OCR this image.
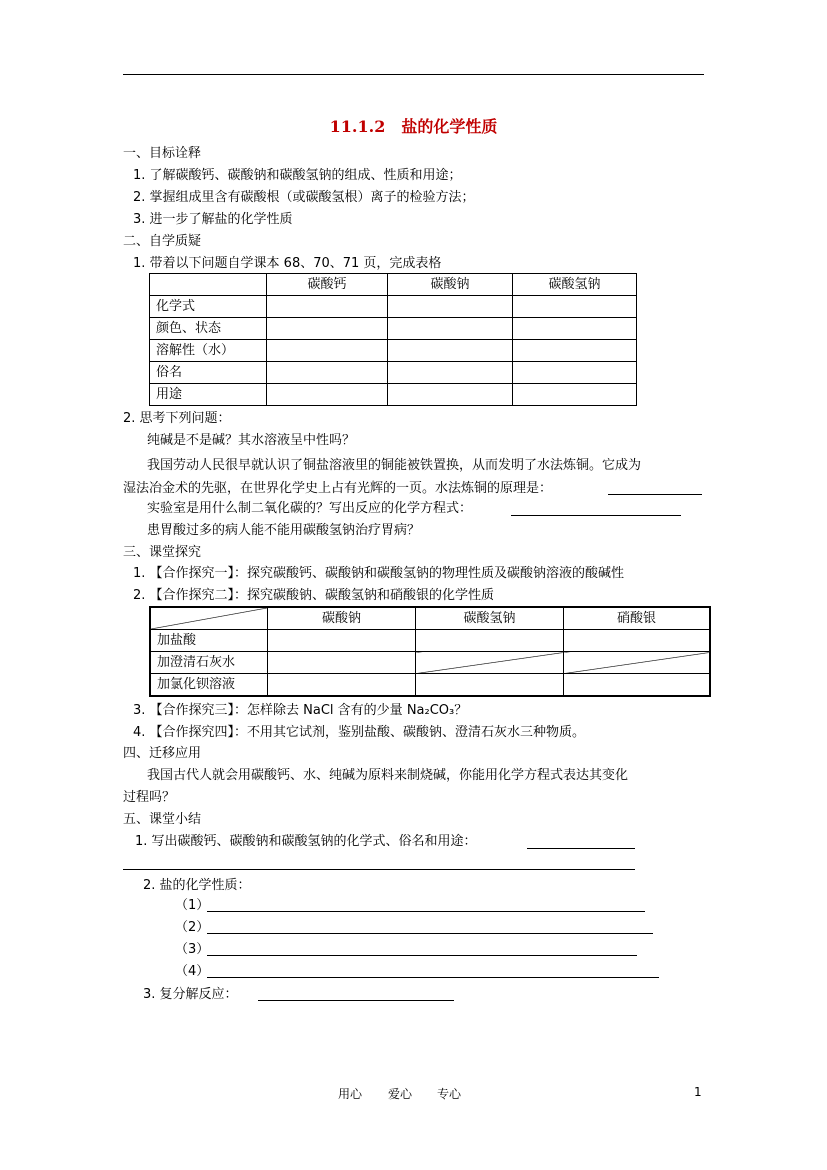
11.1.2　盐的化学性质
一、目标诠释
1. 了解碳酸钙、碳酸钠和碳酸氢钠的组成、性质和用途；
2. 掌握组成里含有碳酸根（或碳酸氢根）离子的检验方法；
3. 进一步了解盐的化学性质
二、自学质疑
1. 带着以下问题自学课本 68、70、71 页，完成表格
	碳酸钙	碳酸钠	碳酸氢钠
化学式			
颜色、状态			
溶解性（水）			
俗名			
用途			
2. 思考下列问题：
纯碱是不是碱？其水溶液呈中性吗？
我国劳动人民很早就认识了铜盐溶液里的铜能被铁置换，从而发明了水法炼铜。它成为
湿法冶金术的先驱，在世界化学史上占有光辉的一页。水法炼铜的原理是：
实验室是用什么制二氧化碳的？写出反应的化学方程式：
患胃酸过多的病人能不能用碳酸氢钠治疗胃病？
三、课堂探究
1. 【合作探究一】：探究碳酸钙、碳酸钠和碳酸氢钠的物理性质及碳酸钠溶液的酸碱性
2. 【合作探究二】：探究碳酸钠、碳酸氢钠和硝酸银的化学性质
	碳酸钠	碳酸氢钠	硝酸银
加盐酸			
加澄清石灰水			
加氯化钡溶液			
3. 【合作探究三】：怎样除去 NaCl 含有的少量 Na₂CO₃？
4. 【合作探究四】：不用其它试剂，鉴别盐酸、碳酸钠、澄清石灰水三种物质。
四、迁移应用
我国古代人就会用碳酸钙、水、纯碱为原料来制烧碱，你能用化学方程式表达其变化
过程吗？
五、课堂小结
1. 写出碳酸钙、碳酸钠和碳酸氢钠的化学式、俗名和用途：
2. 盐的化学性质：
（1）
（2）
（3）
（4）
3. 复分解反应：
用心 爱心 专心	1
